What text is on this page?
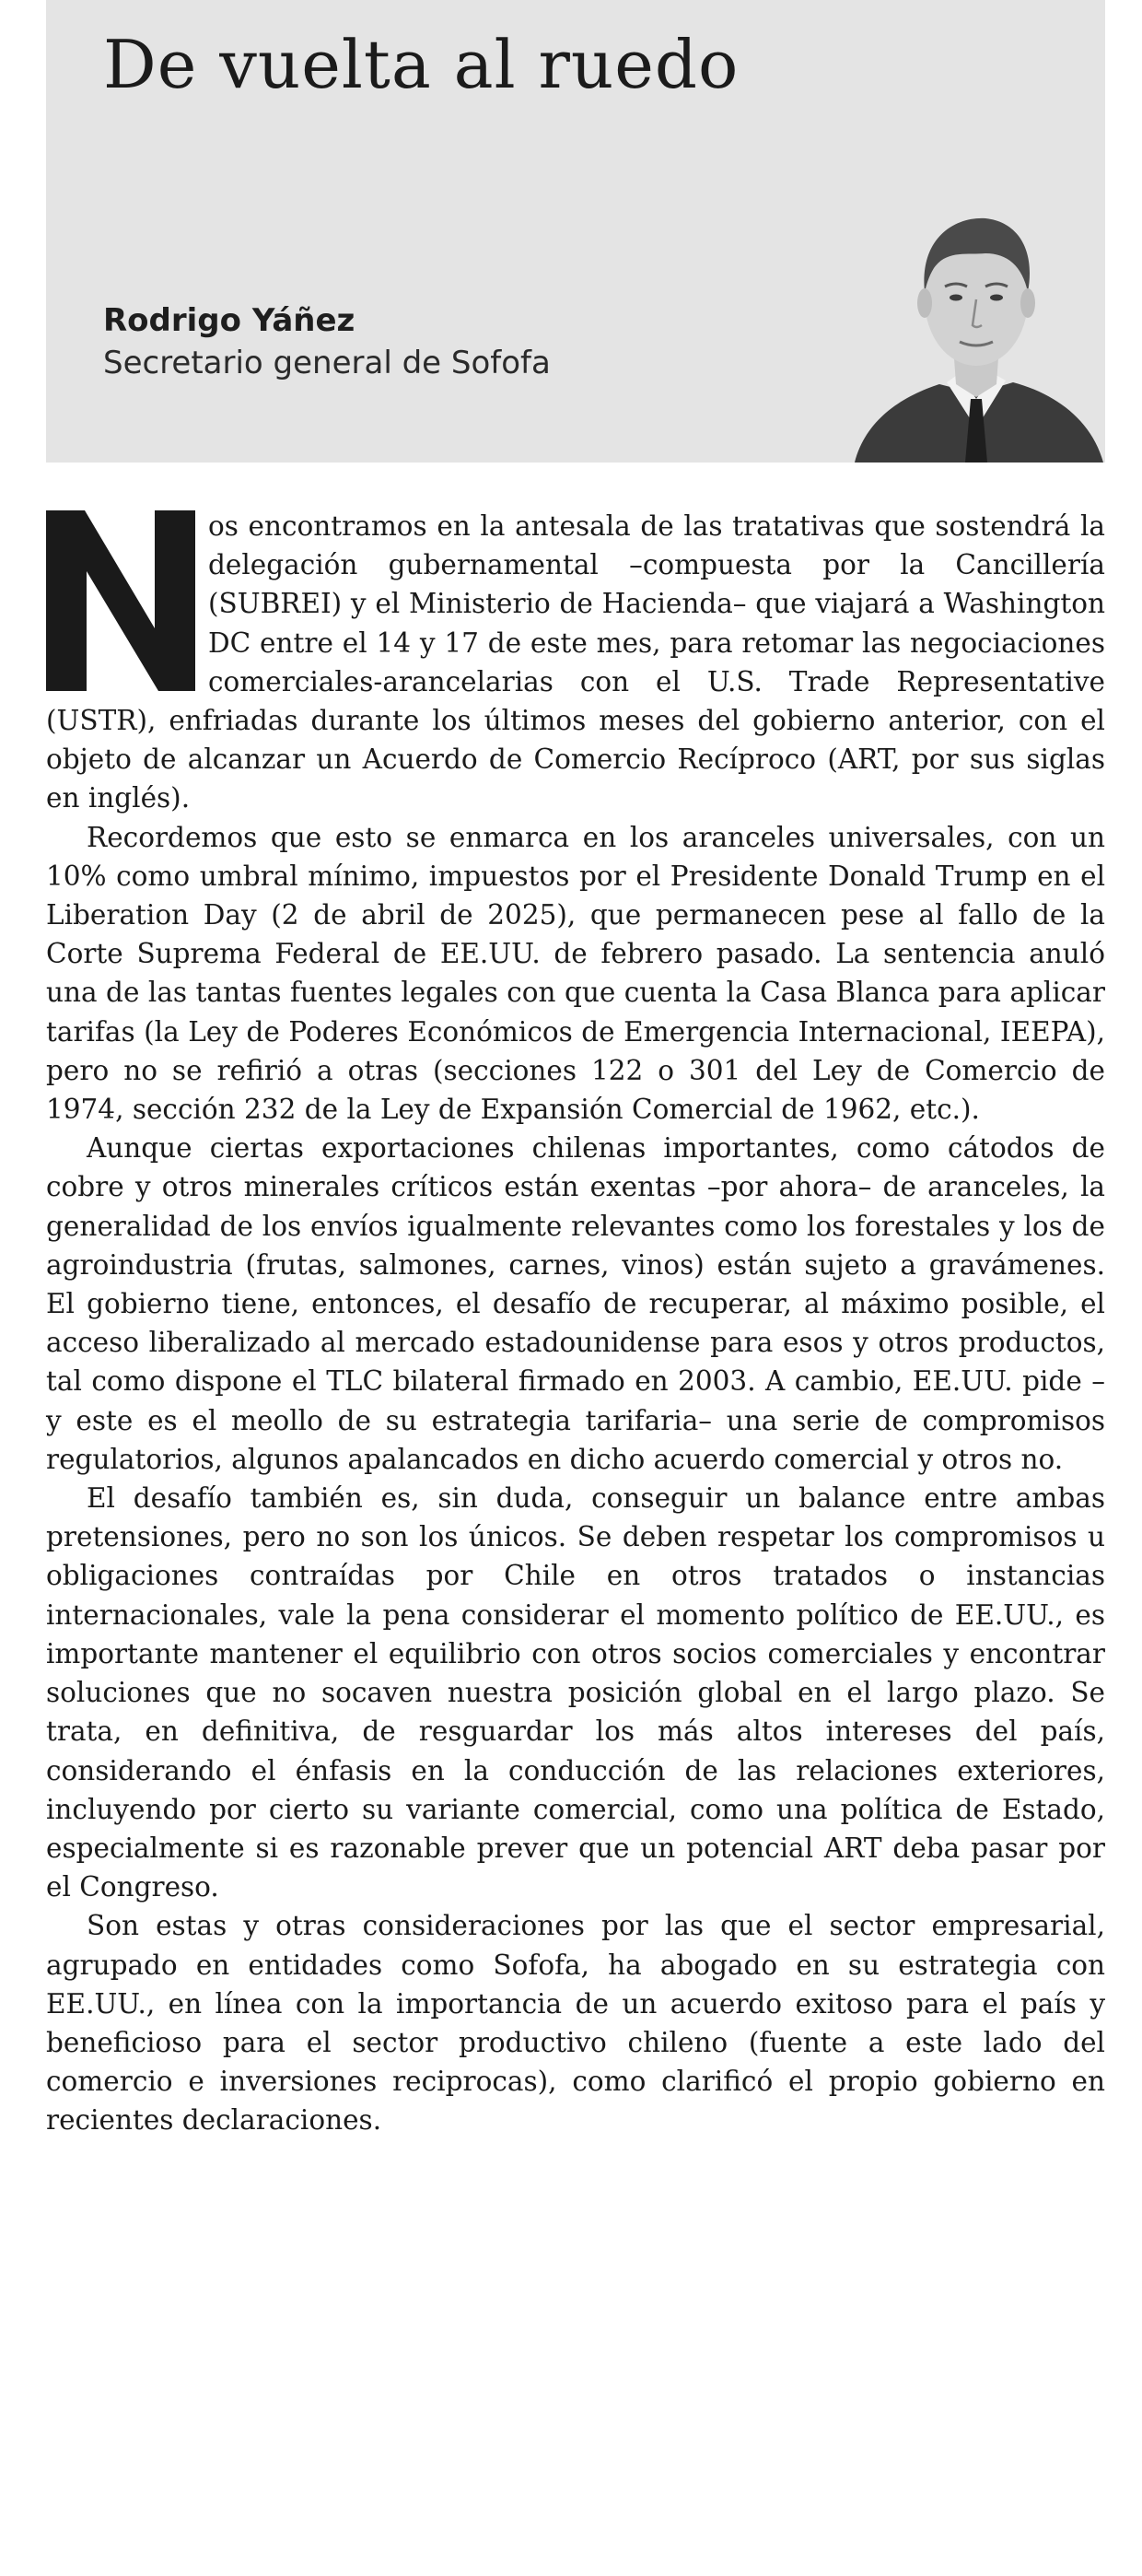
De vuelta al ruedo
Rodrigo Yáñez
Secretario general de Sofofa

os encontramos en la antesala de las tratativas que sostendrá la delegación gubernamental –compuesta por la Cancillería (SUBREI) y el Ministerio de Hacienda– que viajará a Washington DC entre el 14 y 17 de este mes, para retomar las negociaciones comerciales-arancelarias con el U.S. Trade Representative (USTR), enfriadas durante los últimos meses del gobierno anterior, con el objeto de alcanzar un Acuerdo de Comercio Recíproco (ART, por sus siglas en inglés).

Recordemos que esto se enmarca en los aranceles universales, con un 10% como umbral mínimo, impuestos por el Presidente Donald Trump en el Liberation Day (2 de abril de 2025), que permanecen pese al fallo de la Corte Suprema Federal de EE.UU. de febrero pasado. La sentencia anuló una de las tantas fuentes legales con que cuenta la Casa Blanca para aplicar tarifas (la Ley de Poderes Económicos de Emergencia Internacional, IEEPA), pero no se refirió a otras (secciones 122 o 301 del Ley de Comercio de 1974, sección 232 de la Ley de Expansión Comercial de 1962, etc.).

Aunque ciertas exportaciones chilenas importantes, como cátodos de cobre y otros minerales críticos están exentas –por ahora– de aranceles, la generalidad de los envíos igualmente relevantes como los forestales y los de agroindustria (frutas, salmones, carnes, vinos) están sujeto a gravámenes. El gobierno tiene, entonces, el desafío de recuperar, al máximo posible, el acceso liberalizado al mercado estadounidense para esos y otros productos, tal como dispone el TLC bilateral firmado en 2003. A cambio, EE.UU. pide –y este es el meollo de su estrategia tarifaria– una serie de compromisos regulatorios, algunos apalancados en dicho acuerdo comercial y otros no.

El desafío también es, sin duda, conseguir un balance entre ambas pretensiones, pero no son los únicos. Se deben respetar los compromisos u obligaciones contraídas por Chile en otros tratados o instancias internacionales, vale la pena considerar el momento político de EE.UU., es importante mantener el equilibrio con otros socios comerciales y encontrar soluciones que no socaven nuestra posición global en el largo plazo. Se trata, en definitiva, de resguardar los más altos intereses del país, considerando el énfasis en la conducción de las relaciones exteriores, incluyendo por cierto su variante comercial, como una política de Estado, especialmente si es razonable prever que un potencial ART deba pasar por el Congreso.

Son estas y otras consideraciones por las que el sector empresarial, agrupado en entidades como Sofofa, ha abogado en su estrategia con EE.UU., en línea con la importancia de un acuerdo exitoso para el país y beneficioso para el sector productivo chileno (fuente a este lado del comercio e inversiones reciprocas), como clarificó el propio gobierno en recientes declaraciones.
